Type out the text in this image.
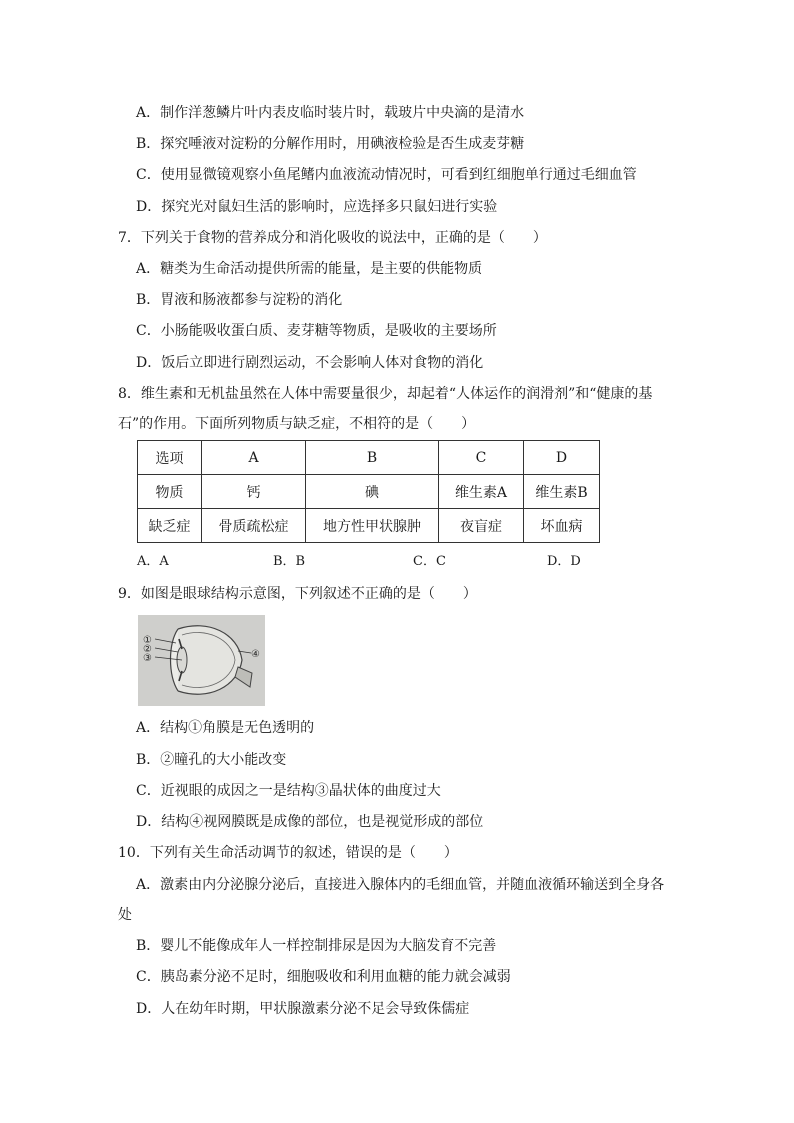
A．制作洋葱鳞片叶内表皮临时装片时，载玻片中央滴的是清水
B．探究唾液对淀粉的分解作用时，用碘液检验是否生成麦芽糖
C．使用显微镜观察小鱼尾鳍内血液流动情况时，可看到红细胞单行通过毛细血管
D．探究光对鼠妇生活的影响时，应选择多只鼠妇进行实验
7．下列关于食物的营养成分和消化吸收的说法中，正确的是（　　）
A．糖类为生命活动提供所需的能量，是主要的供能物质
B．胃液和肠液都参与淀粉的消化
C．小肠能吸收蛋白质、麦芽糖等物质，是吸收的主要场所
D．饭后立即进行剧烈运动，不会影响人体对食物的消化
8．维生素和无机盐虽然在人体中需要量很少，却起着“人体运作的润滑剂”和“健康的基
石”的作用。下面所列物质与缺乏症，不相符的是（　　）
选项	A	B	C	D
物质	钙	碘	维生素A	维生素B
缺乏症	骨质疏松症	地方性甲状腺肿	夜盲症	坏血病
A．A	B．B	C．C	D．D
9．如图是眼球结构示意图，下列叙述不正确的是（　　）
①
②
③	④
A．结构①角膜是无色透明的
B．②瞳孔的大小能改变
C．近视眼的成因之一是结构③晶状体的曲度过大
D．结构④视网膜既是成像的部位，也是视觉形成的部位
10．下列有关生命活动调节的叙述，错误的是（　　）
A．激素由内分泌腺分泌后，直接进入腺体内的毛细血管，并随血液循环输送到全身各
处
B．婴儿不能像成年人一样控制排尿是因为大脑发育不完善
C．胰岛素分泌不足时，细胞吸收和利用血糖的能力就会减弱
D．人在幼年时期，甲状腺激素分泌不足会导致侏儒症
